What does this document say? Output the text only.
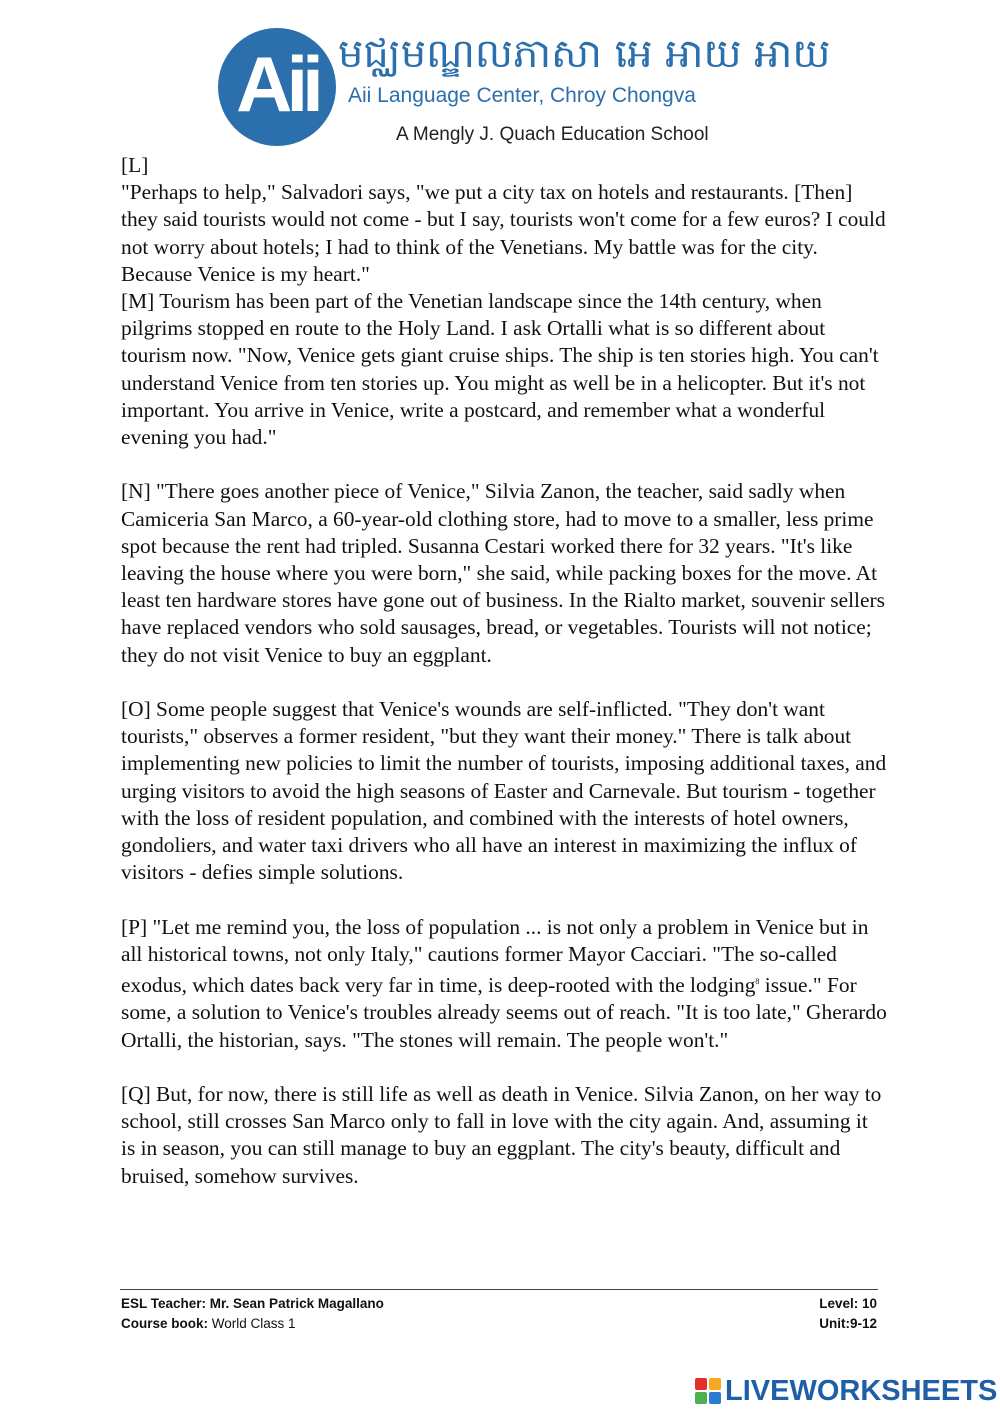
Aii មជ្ឈមណ្ឌលភាសា អេ អាយ អាយ
Aii Language Center, Chroy Chongva
A Mengly J. Quach Education School

[L]

"Perhaps to help," Salvadori says, "we put a city tax on hotels and restaurants. [Then] they said tourists would not come - but I say, tourists won't come for a few euros? I could not worry about hotels; I had to think of the Venetians. My battle was for the city. Because Venice is my heart."

[M] Tourism has been part of the Venetian landscape since the 14th century, when pilgrims stopped en route to the Holy Land. I ask Ortalli what is so different about tourism now. "Now, Venice gets giant cruise ships. The ship is ten stories high. You can't understand Venice from ten stories up. You might as well be in a helicopter. But it's not important. You arrive in Venice, write a postcard, and remember what a wonderful evening you had."

[N] "There goes another piece of Venice," Silvia Zanon, the teacher, said sadly when Camiceria San Marco, a 60-year-old clothing store, had to move to a smaller, less prime spot because the rent had tripled. Susanna Cestari worked there for 32 years. "It's like leaving the house where you were born," she said, while packing boxes for the move. At least ten hardware stores have gone out of business. In the Rialto market, souvenir sellers have replaced vendors who sold sausages, bread, or vegetables. Tourists will not notice; they do not visit Venice to buy an eggplant.

[O] Some people suggest that Venice's wounds are self-inflicted. "They don't want tourists," observes a former resident, "but they want their money." There is talk about implementing new policies to limit the number of tourists, imposing additional taxes, and urging visitors to avoid the high seasons of Easter and Carnevale. But tourism - together with the loss of resident population, and combined with the interests of hotel owners, gondoliers, and water taxi drivers who all have an interest in maximizing the influx of visitors - defies simple solutions.

[P] "Let me remind you, the loss of population ... is not only a problem in Venice but in all historical towns, not only Italy," cautions former Mayor Cacciari. "The so-called exodus, which dates back very far in time, is deep-rooted with the lodging$^8$ issue." For some, a solution to Venice's troubles already seems out of reach. "It is too late," Gherardo Ortalli, the historian, says. "The stones will remain. The people won't."

[Q] But, for now, there is still life as well as death in Venice. Silvia Zanon, on her way to school, still crosses San Marco only to fall in love with the city again. And, assuming it is in season, you can still manage to buy an eggplant. The city's beauty, difficult and bruised, somehow survives.

ESL Teacher: Mr. Sean Patrick Magallano	Level: 10
Course book: World Class 1	Unit:9-12
LIVEWORKSHEETS
